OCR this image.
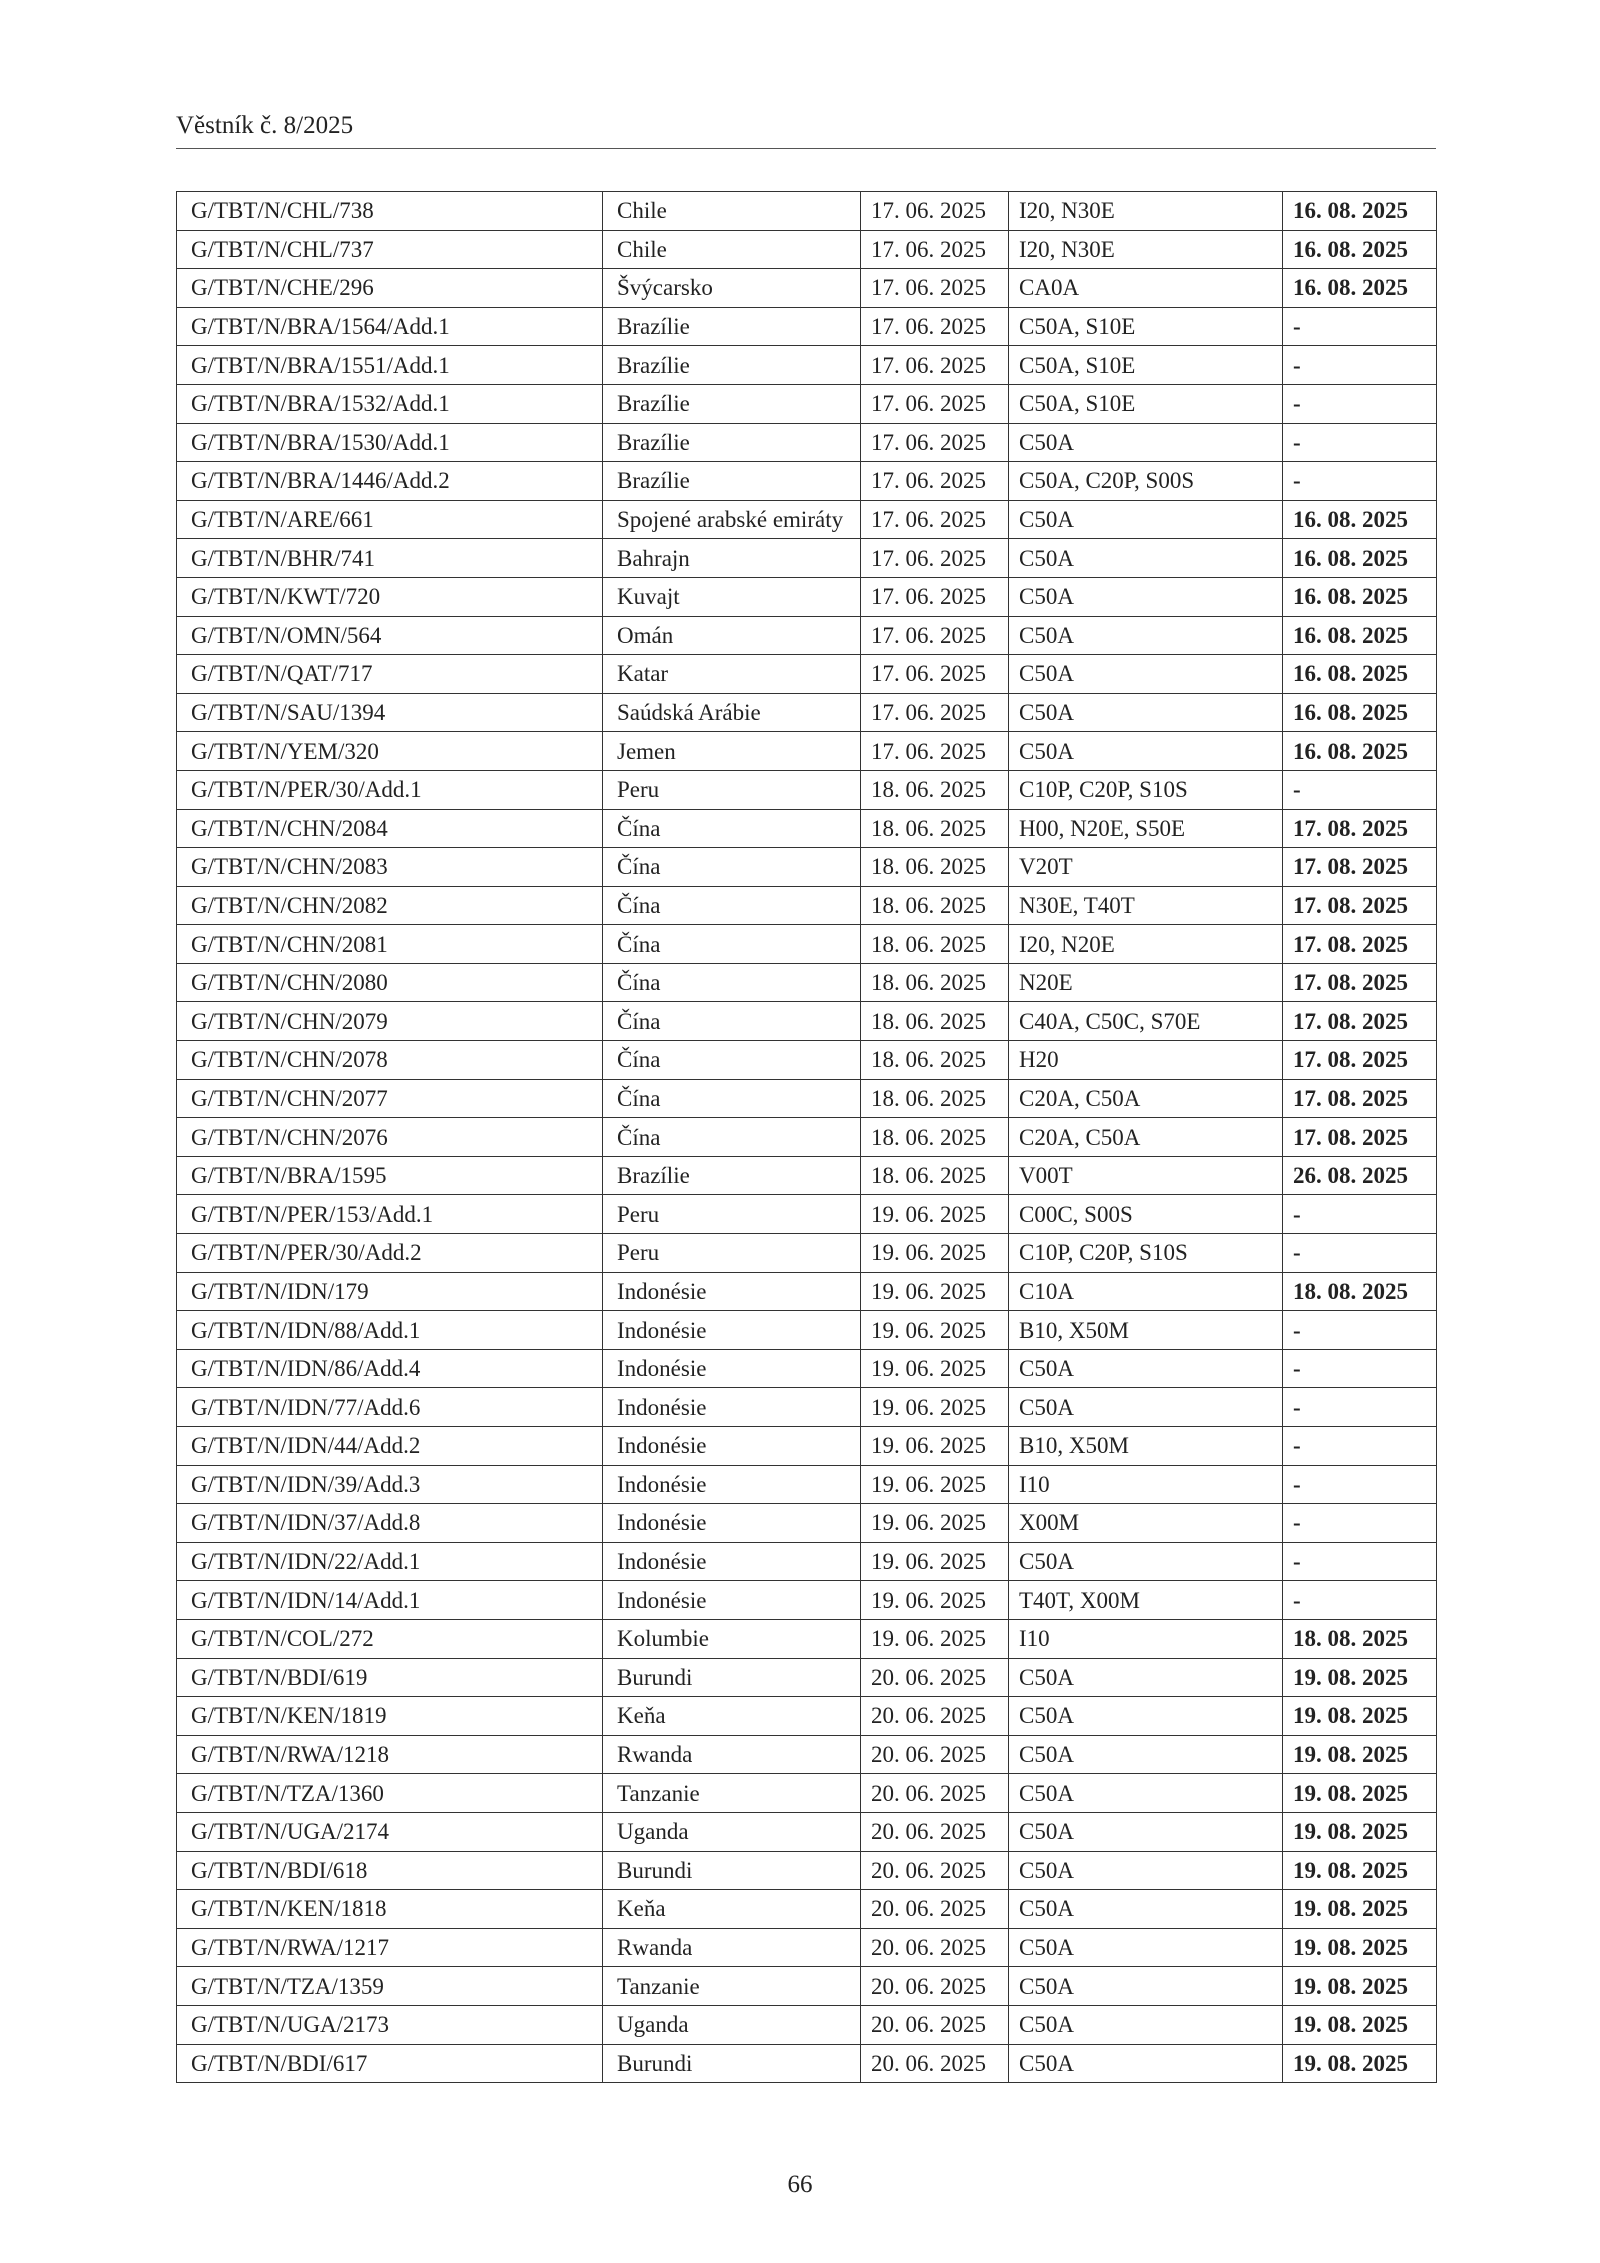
Věstník č. 8/2025
G/TBT/N/CHL/738	Chile	17. 06. 2025	I20, N30E	16. 08. 2025
G/TBT/N/CHL/737	Chile	17. 06. 2025	I20, N30E	16. 08. 2025
G/TBT/N/CHE/296	Švýcarsko	17. 06. 2025	CA0A	16. 08. 2025
G/TBT/N/BRA/1564/Add.1	Brazílie	17. 06. 2025	C50A, S10E	-
G/TBT/N/BRA/1551/Add.1	Brazílie	17. 06. 2025	C50A, S10E	-
G/TBT/N/BRA/1532/Add.1	Brazílie	17. 06. 2025	C50A, S10E	-
G/TBT/N/BRA/1530/Add.1	Brazílie	17. 06. 2025	C50A	-
G/TBT/N/BRA/1446/Add.2	Brazílie	17. 06. 2025	C50A, C20P, S00S	-
G/TBT/N/ARE/661	Spojené arabské emiráty	17. 06. 2025	C50A	16. 08. 2025
G/TBT/N/BHR/741	Bahrajn	17. 06. 2025	C50A	16. 08. 2025
G/TBT/N/KWT/720	Kuvajt	17. 06. 2025	C50A	16. 08. 2025
G/TBT/N/OMN/564	Omán	17. 06. 2025	C50A	16. 08. 2025
G/TBT/N/QAT/717	Katar	17. 06. 2025	C50A	16. 08. 2025
G/TBT/N/SAU/1394	Saúdská Arábie	17. 06. 2025	C50A	16. 08. 2025
G/TBT/N/YEM/320	Jemen	17. 06. 2025	C50A	16. 08. 2025
G/TBT/N/PER/30/Add.1	Peru	18. 06. 2025	C10P, C20P, S10S	-
G/TBT/N/CHN/2084	Čína	18. 06. 2025	H00, N20E, S50E	17. 08. 2025
G/TBT/N/CHN/2083	Čína	18. 06. 2025	V20T	17. 08. 2025
G/TBT/N/CHN/2082	Čína	18. 06. 2025	N30E, T40T	17. 08. 2025
G/TBT/N/CHN/2081	Čína	18. 06. 2025	I20, N20E	17. 08. 2025
G/TBT/N/CHN/2080	Čína	18. 06. 2025	N20E	17. 08. 2025
G/TBT/N/CHN/2079	Čína	18. 06. 2025	C40A, C50C, S70E	17. 08. 2025
G/TBT/N/CHN/2078	Čína	18. 06. 2025	H20	17. 08. 2025
G/TBT/N/CHN/2077	Čína	18. 06. 2025	C20A, C50A	17. 08. 2025
G/TBT/N/CHN/2076	Čína	18. 06. 2025	C20A, C50A	17. 08. 2025
G/TBT/N/BRA/1595	Brazílie	18. 06. 2025	V00T	26. 08. 2025
G/TBT/N/PER/153/Add.1	Peru	19. 06. 2025	C00C, S00S	-
G/TBT/N/PER/30/Add.2	Peru	19. 06. 2025	C10P, C20P, S10S	-
G/TBT/N/IDN/179	Indonésie	19. 06. 2025	C10A	18. 08. 2025
G/TBT/N/IDN/88/Add.1	Indonésie	19. 06. 2025	B10, X50M	-
G/TBT/N/IDN/86/Add.4	Indonésie	19. 06. 2025	C50A	-
G/TBT/N/IDN/77/Add.6	Indonésie	19. 06. 2025	C50A	-
G/TBT/N/IDN/44/Add.2	Indonésie	19. 06. 2025	B10, X50M	-
G/TBT/N/IDN/39/Add.3	Indonésie	19. 06. 2025	I10	-
G/TBT/N/IDN/37/Add.8	Indonésie	19. 06. 2025	X00M	-
G/TBT/N/IDN/22/Add.1	Indonésie	19. 06. 2025	C50A	-
G/TBT/N/IDN/14/Add.1	Indonésie	19. 06. 2025	T40T, X00M	-
G/TBT/N/COL/272	Kolumbie	19. 06. 2025	I10	18. 08. 2025
G/TBT/N/BDI/619	Burundi	20. 06. 2025	C50A	19. 08. 2025
G/TBT/N/KEN/1819	Keňa	20. 06. 2025	C50A	19. 08. 2025
G/TBT/N/RWA/1218	Rwanda	20. 06. 2025	C50A	19. 08. 2025
G/TBT/N/TZA/1360	Tanzanie	20. 06. 2025	C50A	19. 08. 2025
G/TBT/N/UGA/2174	Uganda	20. 06. 2025	C50A	19. 08. 2025
G/TBT/N/BDI/618	Burundi	20. 06. 2025	C50A	19. 08. 2025
G/TBT/N/KEN/1818	Keňa	20. 06. 2025	C50A	19. 08. 2025
G/TBT/N/RWA/1217	Rwanda	20. 06. 2025	C50A	19. 08. 2025
G/TBT/N/TZA/1359	Tanzanie	20. 06. 2025	C50A	19. 08. 2025
G/TBT/N/UGA/2173	Uganda	20. 06. 2025	C50A	19. 08. 2025
G/TBT/N/BDI/617	Burundi	20. 06. 2025	C50A	19. 08. 2025
66
